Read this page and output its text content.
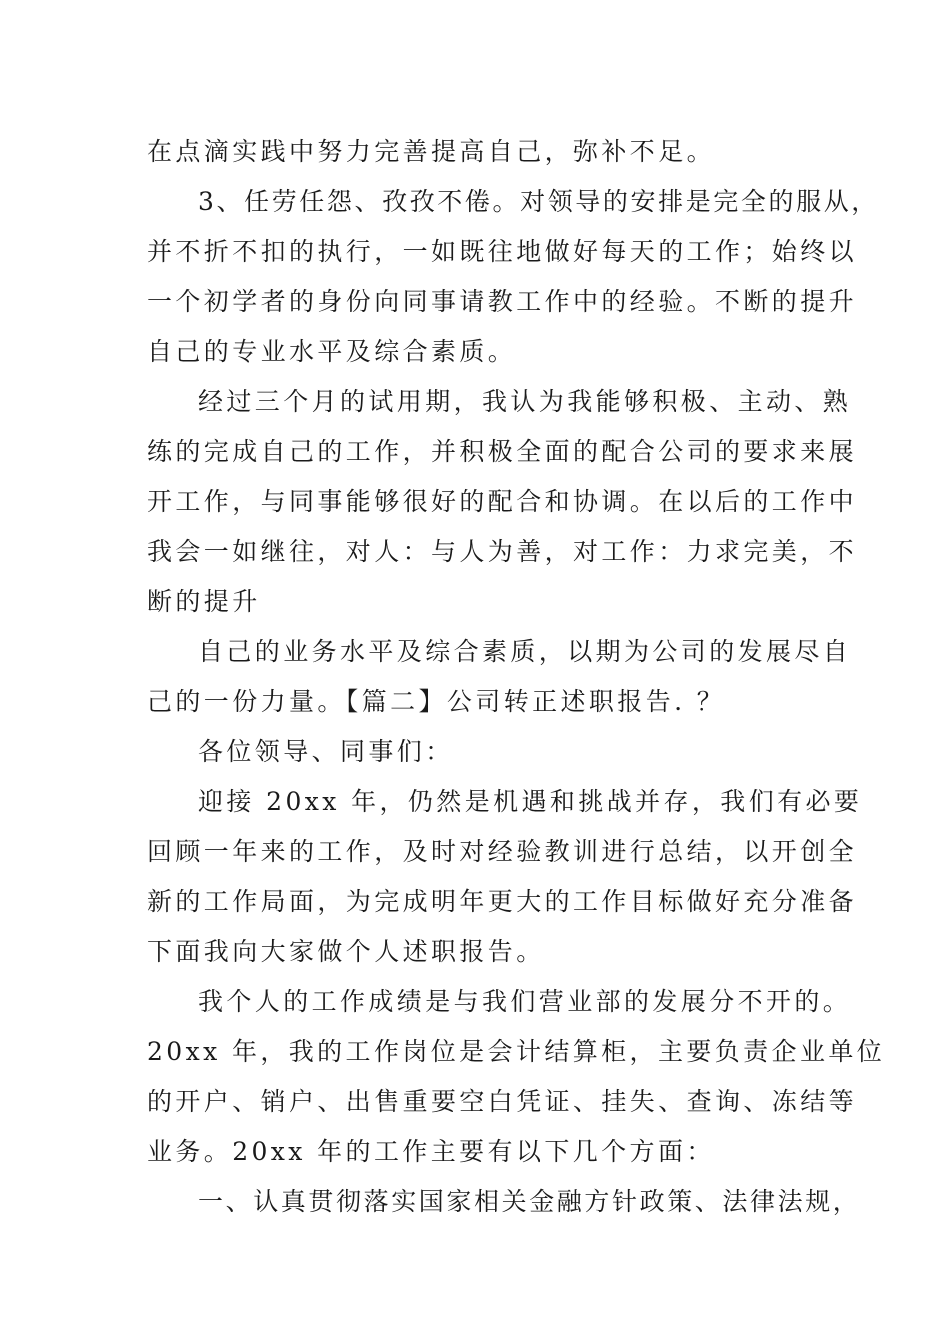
在点滴实践中努力完善提高自己，弥补不足。
3、任劳任怨、孜孜不倦。对领导的安排是完全的服从，
并不折不扣的执行，一如既往地做好每天的工作；始终以
一个初学者的身份向同事请教工作中的经验。不断的提升
自己的专业水平及综合素质。
经过三个月的试用期，我认为我能够积极、主动、熟
练的完成自己的工作，并积极全面的配合公司的要求来展
开工作，与同事能够很好的配合和协调。在以后的工作中
我会一如继往，对人：与人为善，对工作：力求完美，不
断的提升
自己的业务水平及综合素质，以期为公司的发展尽自
己的一份力量。【篇二】公司转正述职报告. ？
各位领导、同事们：
迎接 20xx 年，仍然是机遇和挑战并存，我们有必要
回顾一年来的工作，及时对经验教训进行总结，以开创全
新的工作局面，为完成明年更大的工作目标做好充分准备
下面我向大家做个人述职报告。
我个人的工作成绩是与我们营业部的发展分不开的。
20xx 年，我的工作岗位是会计结算柜，主要负责企业单位
的开户、销户、出售重要空白凭证、挂失、查询、冻结等
业务。20xx 年的工作主要有以下几个方面：
一、认真贯彻落实国家相关金融方针政策、法律法规，
